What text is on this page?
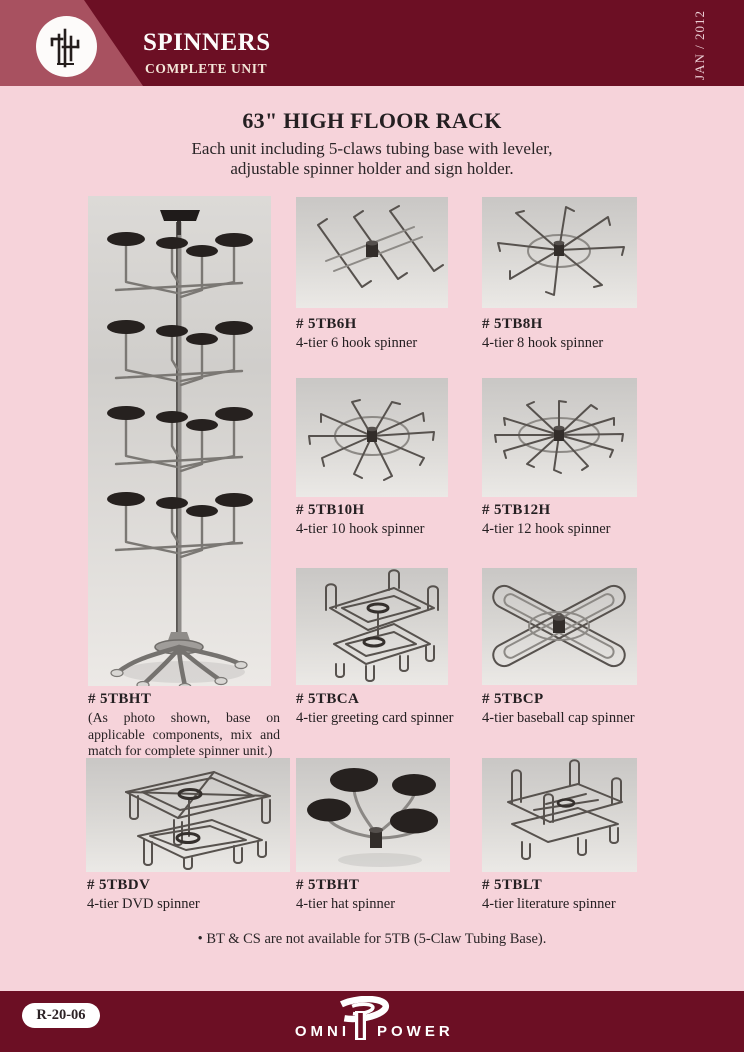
SPINNERS
COMPLETE UNIT	JAN / 2012
63" HIGH FLOOR RACK
Each unit including 5-claws tubing base with leveler,
adjustable spinner holder and sign holder.
# 5TBHT
(As photo shown, base on applicable components, mix and match for complete spinner unit.)
# 5TB6H
4-tier 6 hook spinner
# 5TB8H
4-tier 8 hook spinner
# 5TB10H
4-tier 10 hook spinner
# 5TB12H
4-tier 12 hook spinner
# 5TBCA
4-tier greeting card spinner
# 5TBCP
4-tier baseball cap spinner
# 5TBDV
4-tier DVD spinner
# 5TBHT
4-tier hat spinner
# 5TBLT
4-tier literature spinner
• BT & CS are not available for 5TB (5-Claw Tubing Base).
R-20-06
OMNI POWER
